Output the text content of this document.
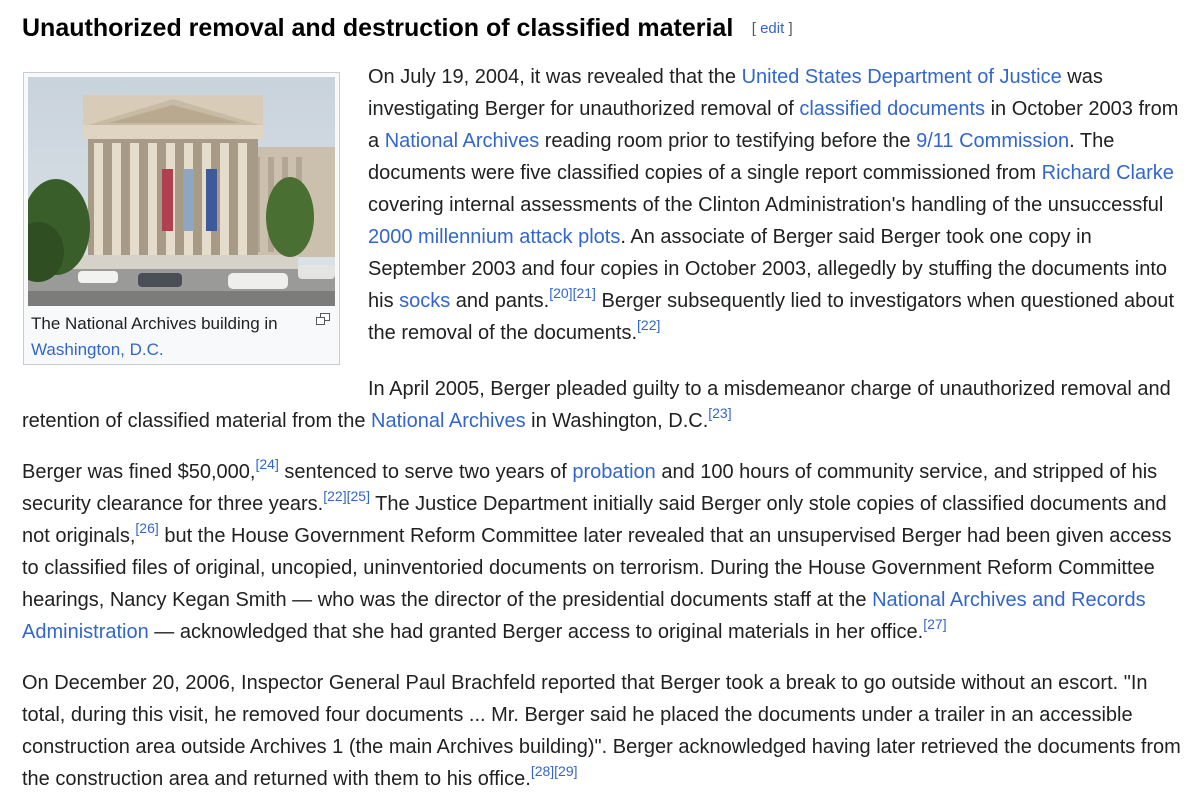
Unauthorized removal and destruction of classified material [ edit ]
The National Archives building in Washington, D.C.

On July 19, 2004, it was revealed that the United States Department of Justice was investigating Berger for unauthorized removal of classified documents in October 2003 from a National Archives reading room prior to testifying before the 9/11 Commission. The documents were five classified copies of a single report commissioned from Richard Clarke covering internal assessments of the Clinton Administration's handling of the unsuccessful 2000 millennium attack plots. An associate of Berger said Berger took one copy in September 2003 and four copies in October 2003, allegedly by stuffing the documents into his socks and pants.[20][21] Berger subsequently lied to investigators when questioned about the removal of the documents.[22]

In April 2005, Berger pleaded guilty to a misdemeanor charge of unauthorized removal and retention of classified material from the National Archives in Washington, D.C.[23]

Berger was fined $50,000,[24] sentenced to serve two years of probation and 100 hours of community service, and stripped of his security clearance for three years.[22][25] The Justice Department initially said Berger only stole copies of classified documents and not originals,[26] but the House Government Reform Committee later revealed that an unsupervised Berger had been given access to classified files of original, uncopied, uninventoried documents on terrorism. During the House Government Reform Committee hearings, Nancy Kegan Smith — who was the director of the presidential documents staff at the National Archives and Records Administration — acknowledged that she had granted Berger access to original materials in her office.[27]

On December 20, 2006, Inspector General Paul Brachfeld reported that Berger took a break to go outside without an escort. "In total, during this visit, he removed four documents ... Mr. Berger said he placed the documents under a trailer in an accessible construction area outside Archives 1 (the main Archives building)". Berger acknowledged having later retrieved the documents from the construction area and returned with them to his office.[28][29]
